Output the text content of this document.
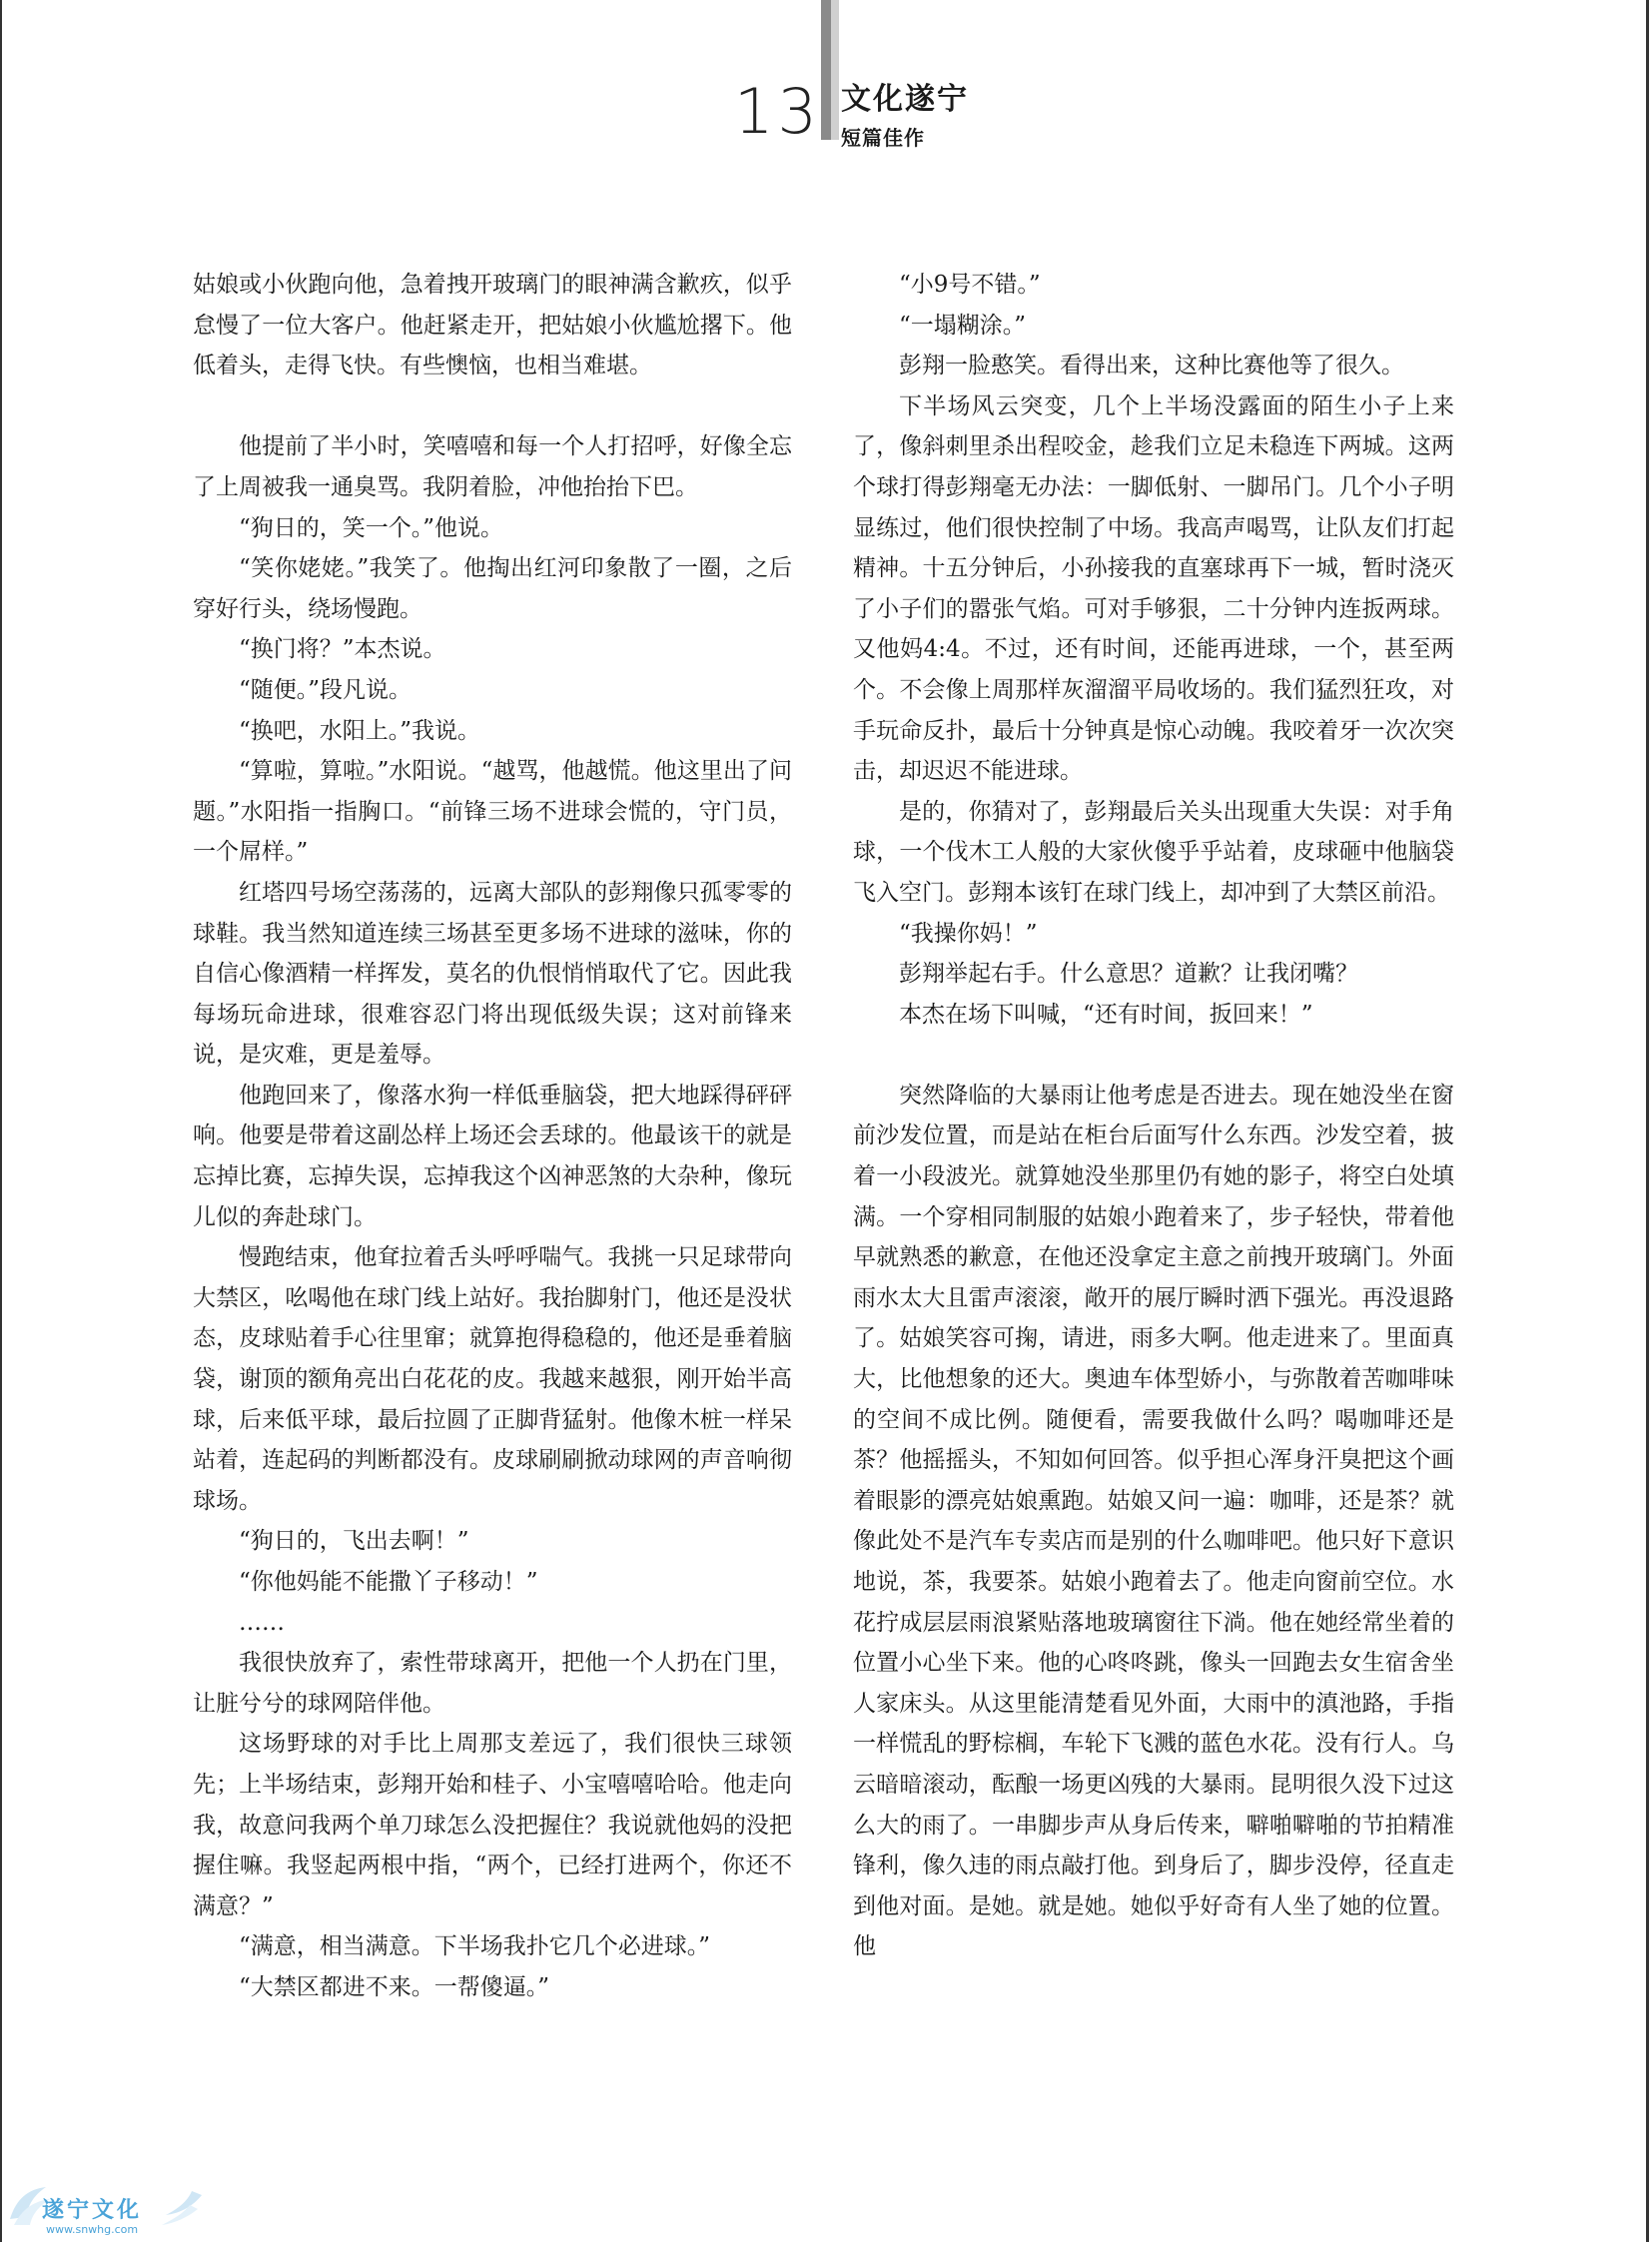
13 文化遂宁
短篇佳作

姑娘或小伙跑向他，急着拽开玻璃门的眼神满含歉疚，似乎怠慢了一位大客户。他赶紧走开，把姑娘小伙尴尬撂下。他低着头，走得飞快。有些懊恼，也相当难堪。

他提前了半小时，笑嘻嘻和每一个人打招呼，好像全忘了上周被我一通臭骂。我阴着脸，冲他抬抬下巴。

“狗日的，笑一个。”他说。

“笑你姥姥。”我笑了。他掏出红河印象散了一圈，之后穿好行头，绕场慢跑。

“换门将？”本杰说。

“随便。”段凡说。

“换吧，水阳上。”我说。

“算啦，算啦。”水阳说。“越骂，他越慌。他这里出了问题。”水阳指一指胸口。“前锋三场不进球会慌的，守门员，一个屌样。”

红塔四号场空荡荡的，远离大部队的彭翔像只孤零零的球鞋。我当然知道连续三场甚至更多场不进球的滋味，你的自信心像酒精一样挥发，莫名的仇恨悄悄取代了它。因此我每场玩命进球，很难容忍门将出现低级失误；这对前锋来说，是灾难，更是羞辱。

他跑回来了，像落水狗一样低垂脑袋，把大地踩得砰砰响。他要是带着这副怂样上场还会丢球的。他最该干的就是忘掉比赛，忘掉失误，忘掉我这个凶神恶煞的大杂种，像玩儿似的奔赴球门。

慢跑结束，他耷拉着舌头呼呼喘气。我挑一只足球带向大禁区，吆喝他在球门线上站好。我抬脚射门，他还是没状态，皮球贴着手心往里窜；就算抱得稳稳的，他还是垂着脑袋，谢顶的额角亮出白花花的皮。我越来越狠，刚开始半高球，后来低平球，最后拉圆了正脚背猛射。他像木桩一样呆站着，连起码的判断都没有。皮球刷刷掀动球网的声音响彻球场。

“狗日的，飞出去啊！”

“你他妈能不能撒丫子移动！”

……

我很快放弃了，索性带球离开，把他一个人扔在门里，让脏兮兮的球网陪伴他。

这场野球的对手比上周那支差远了，我们很快三球领先；上半场结束，彭翔开始和桂子、小宝嘻嘻哈哈。他走向我，故意问我两个单刀球怎么没把握住？我说就他妈的没把握住嘛。我竖起两根中指，“两个，已经打进两个，你还不满意？”

“满意，相当满意。下半场我扑它几个必进球。”

“大禁区都进不来。一帮傻逼。”

“小9号不错。”

“一塌糊涂。”

彭翔一脸憨笑。看得出来，这种比赛他等了很久。

下半场风云突变，几个上半场没露面的陌生小子上来了，像斜刺里杀出程咬金，趁我们立足未稳连下两城。这两个球打得彭翔毫无办法：一脚低射、一脚吊门。几个小子明显练过，他们很快控制了中场。我高声喝骂，让队友们打起精神。十五分钟后，小孙接我的直塞球再下一城，暂时浇灭了小子们的嚣张气焰。可对手够狠，二十分钟内连扳两球。又他妈4:4。不过，还有时间，还能再进球，一个，甚至两个。不会像上周那样灰溜溜平局收场的。我们猛烈狂攻，对手玩命反扑，最后十分钟真是惊心动魄。我咬着牙一次次突击，却迟迟不能进球。

是的，你猜对了，彭翔最后关头出现重大失误：对手角球，一个伐木工人般的大家伙傻乎乎站着，皮球砸中他脑袋飞入空门。彭翔本该钉在球门线上，却冲到了大禁区前沿。

“我操你妈！”

彭翔举起右手。什么意思？道歉？让我闭嘴？

本杰在场下叫喊，“还有时间，扳回来！”

突然降临的大暴雨让他考虑是否进去。现在她没坐在窗前沙发位置，而是站在柜台后面写什么东西。沙发空着，披着一小段波光。就算她没坐那里仍有她的影子，将空白处填满。一个穿相同制服的姑娘小跑着来了，步子轻快，带着他早就熟悉的歉意，在他还没拿定主意之前拽开玻璃门。外面雨水太大且雷声滚滚，敞开的展厅瞬时洒下强光。再没退路了。姑娘笑容可掬，请进，雨多大啊。他走进来了。里面真大，比他想象的还大。奥迪车体型娇小，与弥散着苦咖啡味的空间不成比例。随便看，需要我做什么吗？喝咖啡还是茶？他摇摇头，不知如何回答。似乎担心浑身汗臭把这个画着眼影的漂亮姑娘熏跑。姑娘又问一遍：咖啡，还是茶？就像此处不是汽车专卖店而是别的什么咖啡吧。他只好下意识地说，茶，我要茶。姑娘小跑着去了。他走向窗前空位。水花拧成层层雨浪紧贴落地玻璃窗往下淌。他在她经常坐着的位置小心坐下来。他的心咚咚跳，像头一回跑去女生宿舍坐人家床头。从这里能清楚看见外面，大雨中的滇池路，手指一样慌乱的野棕榈，车轮下飞溅的蓝色水花。没有行人。乌云暗暗滚动，酝酿一场更凶残的大暴雨。昆明很久没下过这么大的雨了。一串脚步声从身后传来，噼啪噼啪的节拍精准锋利，像久违的雨点敲打他。到身后了，脚步没停，径直走到他对面。是她。就是她。她似乎好奇有人坐了她的位置。他

遂宁文化
www.snwhg.com
